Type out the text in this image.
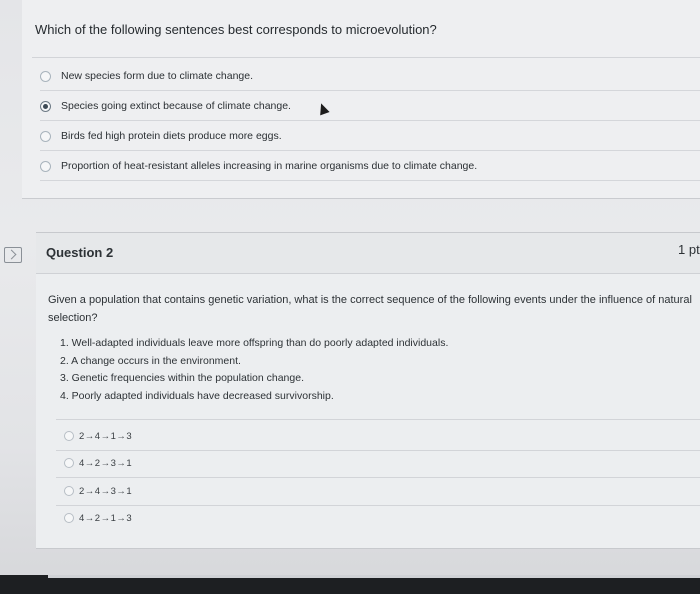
Which of the following sentences best corresponds to microevolution?
New species form due to climate change.
Species going extinct because of climate change.
Birds fed high protein diets produce more eggs.
Proportion of heat-resistant alleles increasing in marine organisms due to climate change.
Question 2	1 pt
Given a population that contains genetic variation, what is the correct sequence of the following events under the influence of natural selection?
1. Well-adapted individuals leave more offspring than do poorly adapted individuals.
2. A change occurs in the environment.
3. Genetic frequencies within the population change.
4. Poorly adapted individuals have decreased survivorship.
2→4→1→3
4→2→3→1
2→4→3→1
4→2→1→3
